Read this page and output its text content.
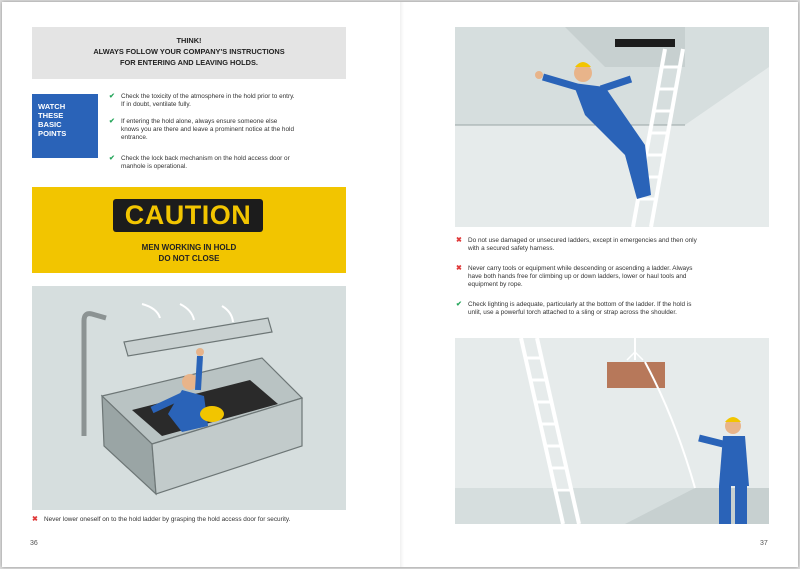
THINK!
ALWAYS FOLLOW YOUR COMPANY'S INSTRUCTIONS
FOR ENTERING AND LEAVING HOLDS.
WATCH
THESE
BASIC
POINTS
✔ Check the toxicity of the atmosphere in the hold prior to entry.
If in doubt, ventilate fully.
✔ If entering the hold alone, always ensure someone else
knows you are there and leave a prominent notice at the hold
entrance.
✔ Check the lock back mechanism on the hold access door or
manhole is operational.
CAUTION
MEN WORKING IN HOLD
DO NOT CLOSE
✖ Never lower oneself on to the hold ladder by grasping the hold access door for security.
36
✖ Do not use damaged or unsecured ladders, except in emergencies and then only
with a secured safety harness.
✖ Never carry tools or equipment while descending or ascending a ladder. Always
have both hands free for climbing up or down ladders, lower or haul tools and
equipment by rope.
✔ Check lighting is adequate, particularly at the bottom of the ladder. If the hold is
unlit, use a powerful torch attached to a sling or strap across the shoulder.
37
